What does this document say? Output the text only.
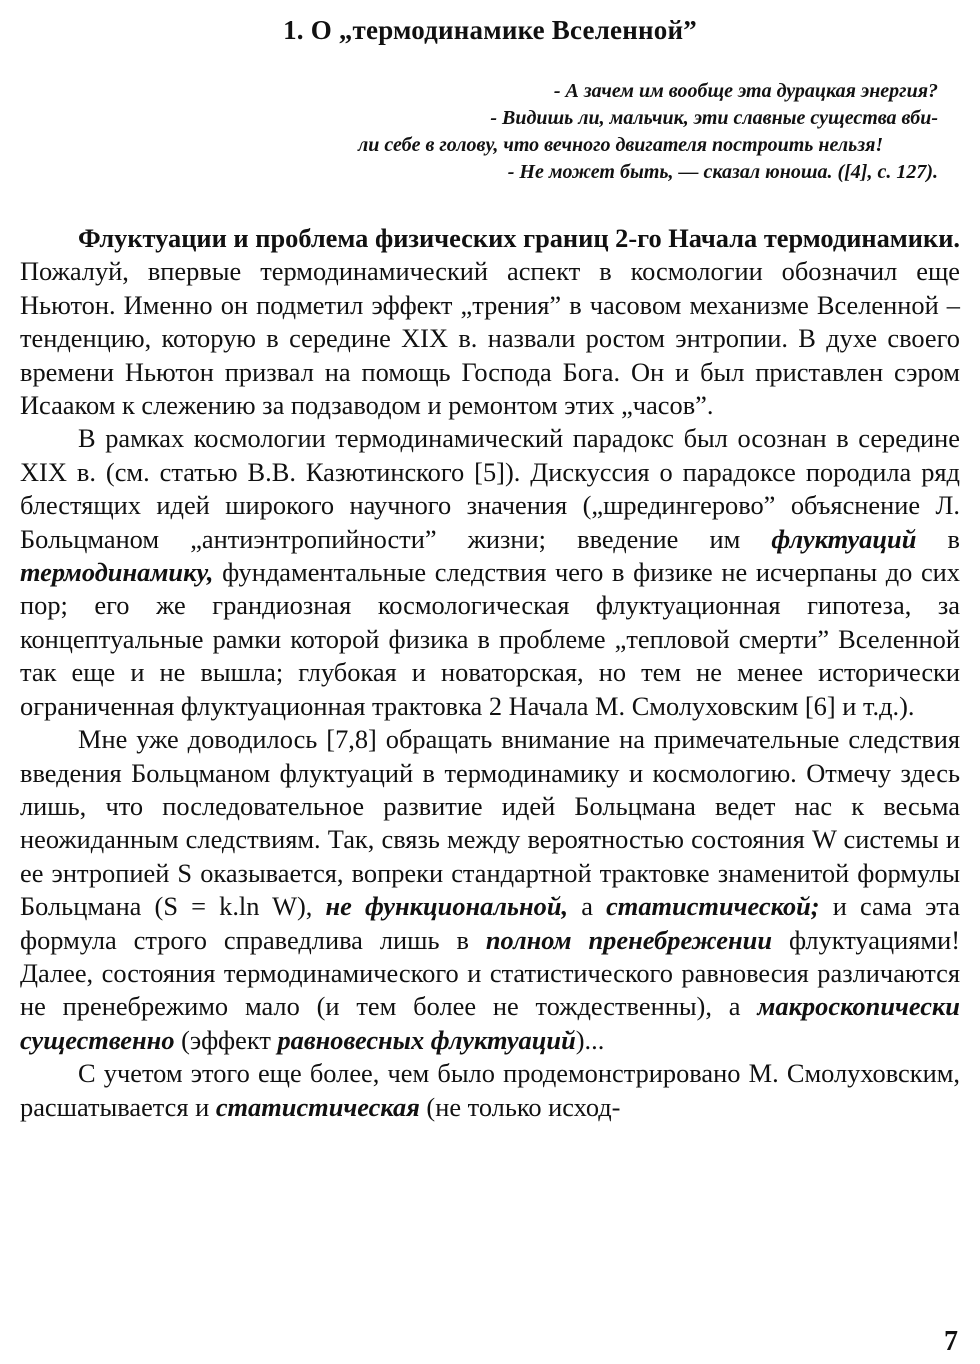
1. О „термодинамике Вселенной”
- А зачем им вообще эта дурацкая энергия?
- Видишь ли, мальчик, эти славные существа вби-
ли себе в голову, что вечного двигателя построить нельзя!
- Не может быть, — сказал юноша. ([4], с. 127).

Флуктуации и проблема физических границ 2-го Начала термодинамики. Пожалуй, впервые термодинамический аспект в космологии обозначил еще Ньютон. Именно он подметил эффект „трения” в часовом механизме Вселенной – тенденцию, которую в середине XIX в. назвали ростом энтропии. В духе своего времени Ньютон призвал на помощь Господа Бога. Он и был приставлен сэром Исааком к слежению за подзаводом и ремонтом этих „часов”.

В рамках космологии термодинамический парадокс был осознан в середине XIX в. (см. статью В.В. Казютинского [5]). Дискуссия о парадоксе породила ряд блестящих идей широкого научного значения („шредингерово” объяснение Л. Больцманом „антиэнтропийности” жизни; введение им флуктуаций в термодинамику, фундаментальные следствия чего в физике не исчерпаны до сих пор; его же грандиозная космологическая флуктуационная гипотеза, за концептуальные рамки которой физика в проблеме „тепловой смерти” Вселенной так еще и не вышла; глубокая и новаторская, но тем не менее исторически ограниченная флуктуационная трактовка 2 Начала М. Смолуховским [6] и т.д.).

Мне уже доводилось [7,8] обращать внимание на примечательные следствия введения Больцманом флуктуаций в термодинамику и космологию. Отмечу здесь лишь, что последовательное развитие идей Больцмана ведет нас к весьма неожиданным следствиям. Так, связь между вероятностью состояния W системы и ее энтропией S оказывается, вопреки стандартной трактовке знаменитой формулы Больцмана (S = k.ln W), не функциональной, а статистической; и сама эта формула строго справедлива лишь в полном пренебрежении флуктуациями! Далее, состояния термодинамического и статистического равновесия различаются не пренебрежимо мало (и тем более не тождественны), а макроскопически существенно (эффект равновесных флуктуаций)...

С учетом этого еще более, чем было продемонстрировано М. Смолуховским, расшатывается и статистическая (не только исход-

7
